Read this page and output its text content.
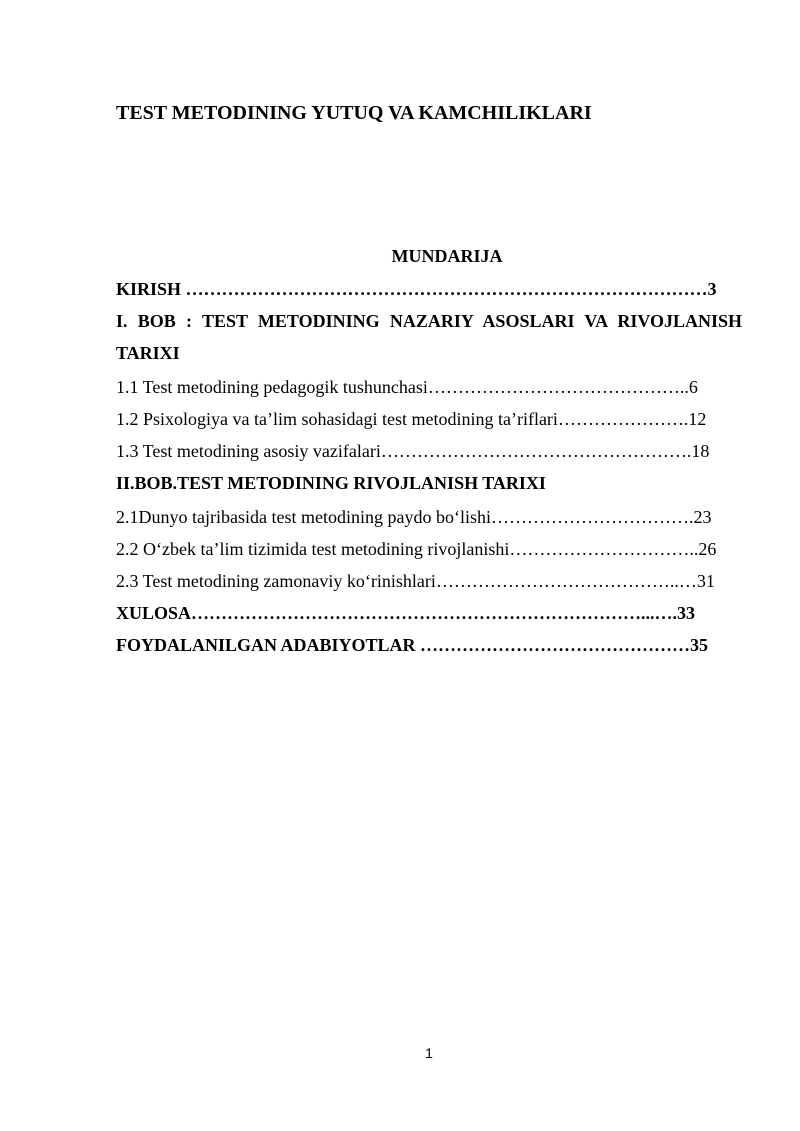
TEST METODINING YUTUQ VA KAMCHILIKLARI
MUNDARIJA
KIRISH ……………………………………………………………………………3
I. BOB : TEST METODINING NAZARIY ASOSLARI VA RIVOJLANISH
TARIXI
1.1 Test metodining pedagogik tushunchasi……………………………………..6
1.2 Psixologiya va ta’lim sohasidagi test metodining ta’riflari………………….12
1.3 Test metodining asosiy vazifalari…………………………………………….18
II.BOB.TEST METODINING RIVOJLANISH TARIXI
2.1Dunyo tajribasida test metodining paydo bo‘lishi…………………………….23
2.2 O‘zbek ta’lim tizimida test metodining rivojlanishi…………………………..26
2.3 Test metodining zamonaviy ko‘rinishlari…………………………………..…31
XULOSA…………………………………………………………………...….33
FOYDALANILGAN ADABIYOTLAR ………………………………………35
1
